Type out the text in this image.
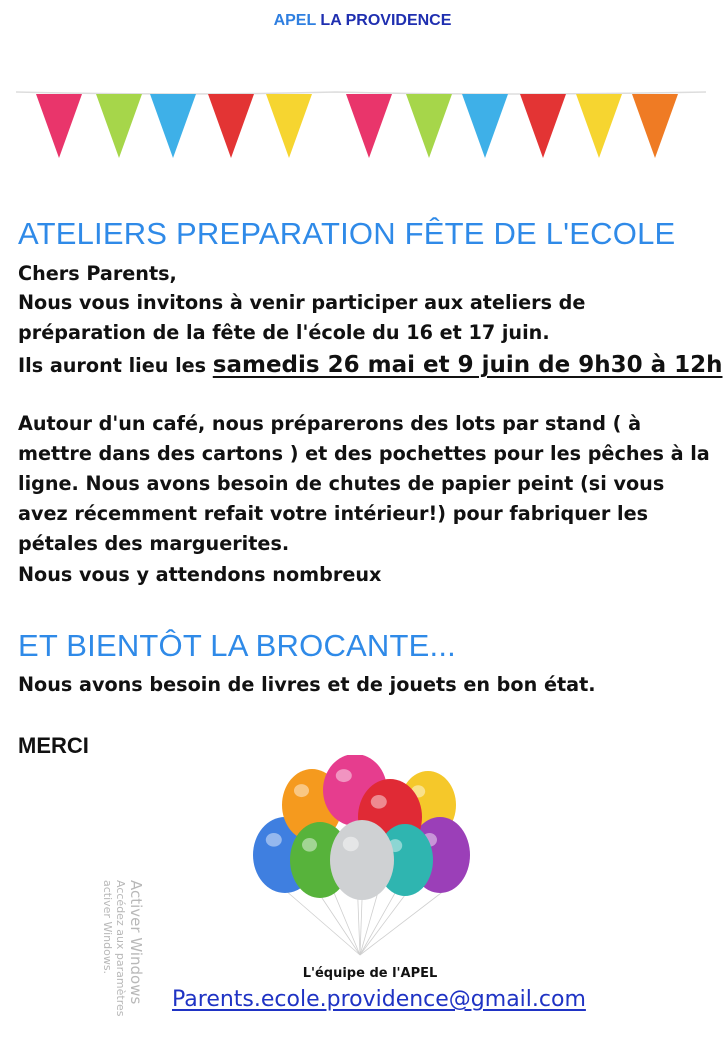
APEL LA PROVIDENCE
ATELIERS PREPARATION FÊTE DE L'ECOLE

Chers Parents,

Nous vous invitons à venir participer aux ateliers de préparation de la fête de l'école du 16 et 17 juin.

Ils auront lieu les samedis 26 mai et 9 juin de 9h30 à 12h

Autour d'un café, nous préparerons des lots par stand ( à mettre dans des cartons ) et des pochettes pour les pêches à la ligne. Nous avons besoin de chutes de papier peint (si vous avez récemment refait votre intérieur!) pour fabriquer les pétales des marguerites.

Nous vous y attendons nombreux

ET BIENTÔT LA BROCANTE...

Nous avons besoin de livres et de jouets en bon état.

MERCI

L'équipe de l'APEL
Parents.ecole.providence@gmail.com
Activer Windows
Accédez aux paramètres
activer Windows.
